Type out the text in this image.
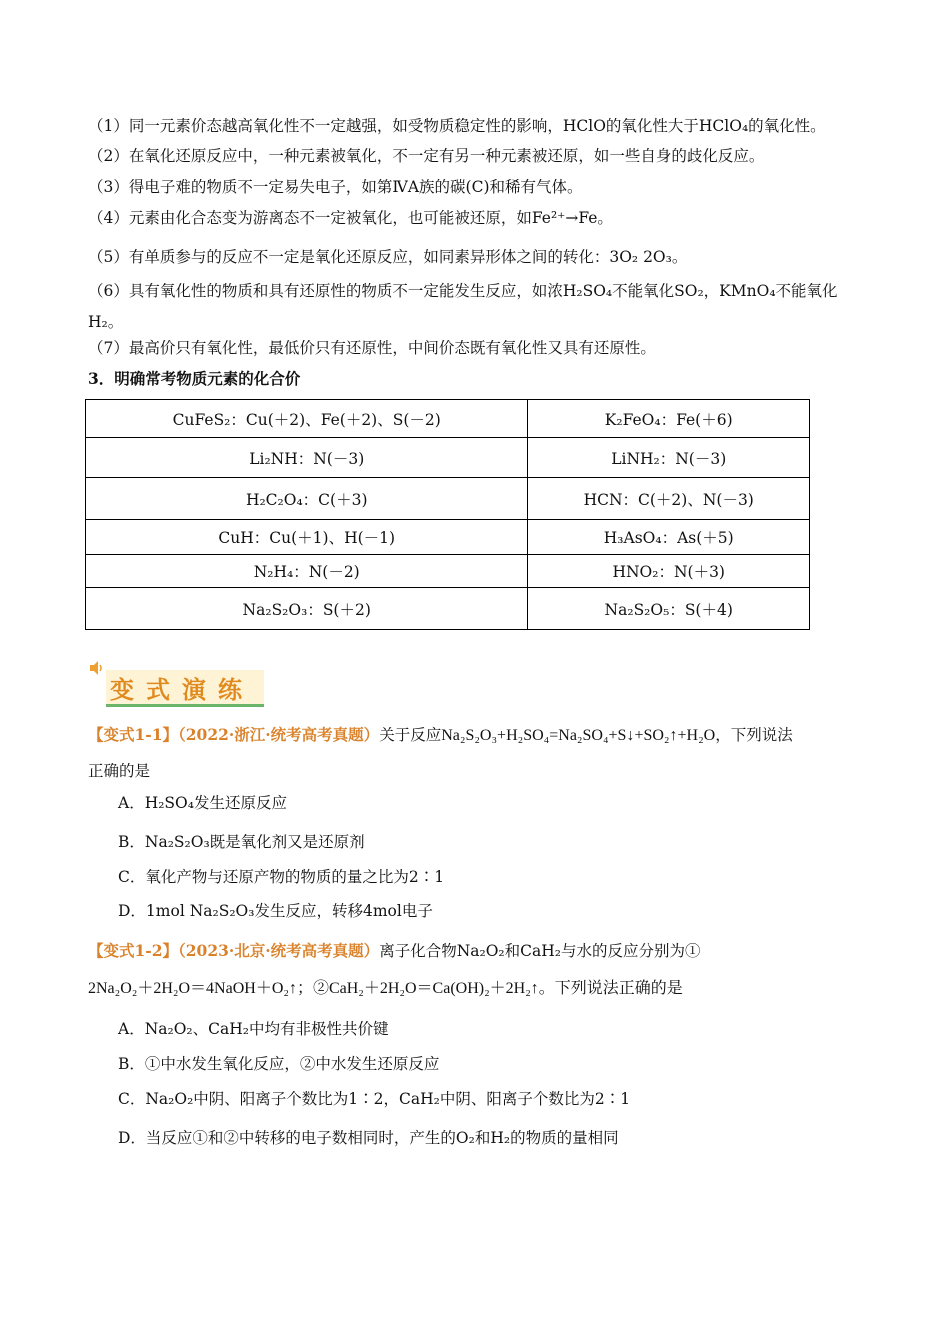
（1）同一元素价态越高氧化性不一定越强，如受物质稳定性的影响，HClO的氧化性大于HClO₄的氧化性。
（2）在氧化还原反应中，一种元素被氧化，不一定有另一种元素被还原，如一些自身的歧化反应。
（3）得电子难的物质不一定易失电子，如第ⅣA族的碳(C)和稀有气体。
（4）元素由化合态变为游离态不一定被氧化，也可能被还原，如Fe²⁺→Fe。
（5）有单质参与的反应不一定是氧化还原反应，如同素异形体之间的转化：3O₂ 2O₃。
（6）具有氧化性的物质和具有还原性的物质不一定能发生反应，如浓H₂SO₄不能氧化SO₂，KMnO₄不能氧化H₂。
（7）最高价只有氧化性，最低价只有还原性，中间价态既有氧化性又具有还原性。
3．明确常考物质元素的化合价
CuFeS₂：Cu(＋2)、Fe(＋2)、S(－2)	K₂FeO₄：Fe(＋6)
Li₂NH：N(－3)	LiNH₂：N(－3)
H₂C₂O₄：C(＋3)	HCN：C(＋2)、N(－3)
CuH：Cu(＋1)、H(－1)	H₃AsO₄：As(＋5)
N₂H₄：N(－2)	HNO₂：N(＋3)
Na₂S₂O₃：S(＋2)	Na₂S₂O₅：S(＋4)
变式演练
【变式1-1】（2022·浙江·统考高考真题）关于反应Na₂S₂O₃+H₂SO₄=Na₂SO₄+S↓+SO₂↑+H₂O，下列说法
正确的是
A．H₂SO₄发生还原反应
B．Na₂S₂O₃既是氧化剂又是还原剂
C．氧化产物与还原产物的物质的量之比为2∶1
D．1mol Na₂S₂O₃发生反应，转移4mol电子
【变式1-2】（2023·北京·统考高考真题）离子化合物Na₂O₂和CaH₂与水的反应分别为①
2Na₂O₂＋2H₂O＝4NaOH＋O₂↑；②CaH₂＋2H₂O＝Ca(OH)₂＋2H₂↑。下列说法正确的是
A．Na₂O₂、CaH₂中均有非极性共价键
B．①中水发生氧化反应，②中水发生还原反应
C．Na₂O₂中阴、阳离子个数比为1∶2，CaH₂中阴、阳离子个数比为2∶1
D．当反应①和②中转移的电子数相同时，产生的O₂和H₂的物质的量相同
